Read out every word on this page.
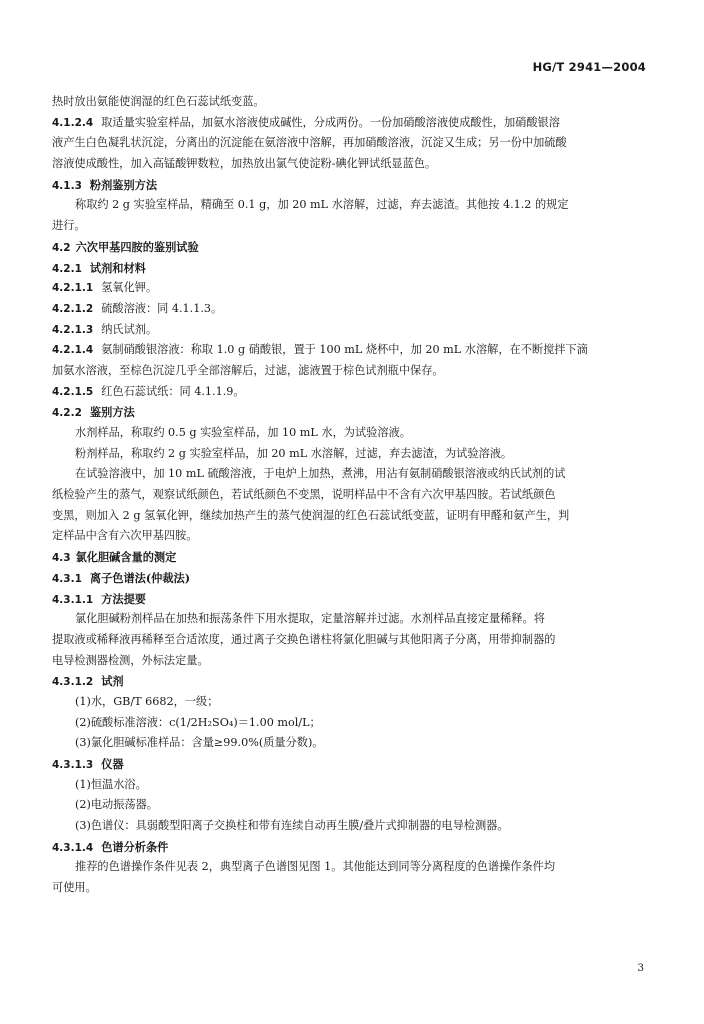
HG/T 2941—2004
热时放出氨能使润湿的红色石蕊试纸变蓝。
4.1.2.4 取适量实验室样品，加氨水溶液使成碱性，分成两份。一份加硝酸溶液使成酸性，加硝酸银溶
液产生白色凝乳状沉淀，分离出的沉淀能在氨溶液中溶解，再加硝酸溶液，沉淀又生成；另一份中加硫酸
溶液使成酸性，加入高锰酸钾数粒，加热放出氯气使淀粉-碘化钾试纸显蓝色。
4.1.3 粉剂鉴别方法
称取约 2 g 实验室样品，精确至 0.1 g，加 20 mL 水溶解，过滤，弃去滤渣。其他按 4.1.2 的规定
进行。
4.2 六次甲基四胺的鉴别试验
4.2.1 试剂和材料
4.2.1.1 氢氧化钾。
4.2.1.2 硫酸溶液：同 4.1.1.3。
4.2.1.3 纳氏试剂。
4.2.1.4 氨制硝酸银溶液：称取 1.0 g 硝酸银，置于 100 mL 烧杯中，加 20 mL 水溶解，在不断搅拌下滴
加氨水溶液，至棕色沉淀几乎全部溶解后，过滤，滤液置于棕色试剂瓶中保存。
4.2.1.5 红色石蕊试纸：同 4.1.1.9。
4.2.2 鉴别方法
水剂样品，称取约 0.5 g 实验室样品，加 10 mL 水，为试验溶液。
粉剂样品，称取约 2 g 实验室样品，加 20 mL 水溶解，过滤，弃去滤渣，为试验溶液。
在试验溶液中，加 10 mL 硫酸溶液，于电炉上加热，煮沸，用沾有氨制硝酸银溶液或纳氏试剂的试
纸检验产生的蒸气，观察试纸颜色，若试纸颜色不变黑，说明样品中不含有六次甲基四胺。若试纸颜色
变黑，则加入 2 g 氢氧化钾，继续加热产生的蒸气使润湿的红色石蕊试纸变蓝，证明有甲醛和氨产生，判
定样品中含有六次甲基四胺。
4.3 氯化胆碱含量的测定
4.3.1 离子色谱法(仲裁法)
4.3.1.1 方法提要
氯化胆碱粉剂样品在加热和振荡条件下用水提取，定量溶解并过滤。水剂样品直接定量稀释。将
提取液或稀释液再稀释至合适浓度，通过离子交换色谱柱将氯化胆碱与其他阳离子分离，用带抑制器的
电导检测器检测，外标法定量。
4.3.1.2 试剂
(1)水，GB/T 6682，一级；
(2)硫酸标准溶液：c(1/2H₂SO₄)＝1.00 mol/L；
(3)氯化胆碱标准样品：含量≥99.0%(质量分数)。
4.3.1.3 仪器
(1)恒温水浴。
(2)电动振荡器。
(3)色谱仪：具弱酸型阳离子交换柱和带有连续自动再生膜/叠片式抑制器的电导检测器。
4.3.1.4 色谱分析条件
推荐的色谱操作条件见表 2，典型离子色谱图见图 1。其他能达到同等分离程度的色谱操作条件均
可使用。
3
